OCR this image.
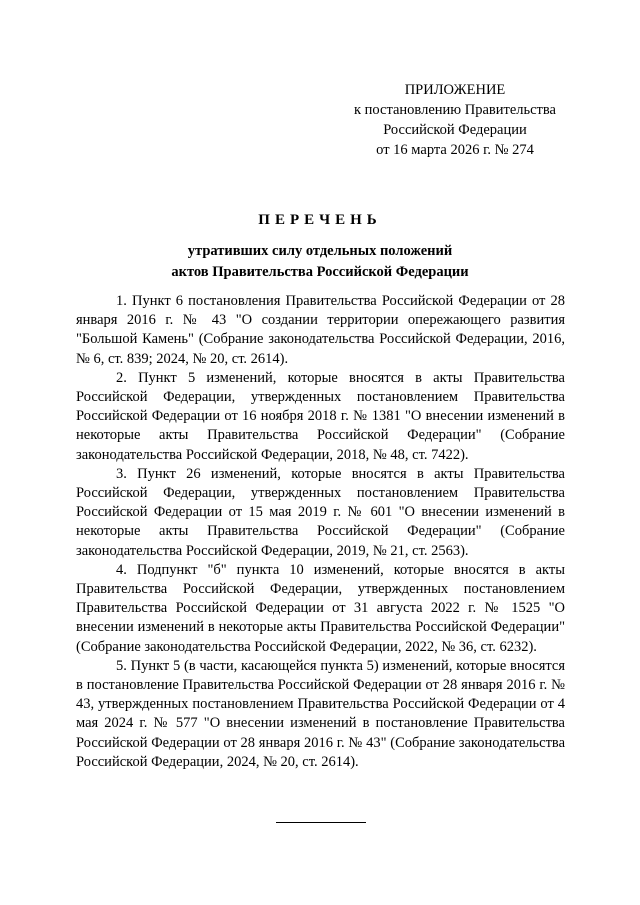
ПРИЛОЖЕНИЕ
к постановлению Правительства
Российской Федерации
от 16 марта 2026 г. № 274
ПЕРЕЧЕНЬ
утративших силу отдельных положений
актов Правительства Российской Федерации

1. Пункт 6 постановления Правительства Российской Федерации от 28 января 2016 г. № 43 "О создании территории опережающего развития "Большой Камень" (Собрание законодательства Российской Федерации, 2016, № 6, ст. 839; 2024, № 20, ст. 2614).

2. Пункт 5 изменений, которые вносятся в акты Правительства Российской Федерации, утвержденных постановлением Правительства Российской Федерации от 16 ноября 2018 г. № 1381 "О внесении изменений в некоторые акты Правительства Российской Федерации" (Собрание законодательства Российской Федерации, 2018, № 48, ст. 7422).

3. Пункт 26 изменений, которые вносятся в акты Правительства Российской Федерации, утвержденных постановлением Правительства Российской Федерации от 15 мая 2019 г. № 601 "О внесении изменений в некоторые акты Правительства Российской Федерации" (Собрание законодательства Российской Федерации, 2019, № 21, ст. 2563).

4. Подпункт "б" пункта 10 изменений, которые вносятся в акты Правительства Российской Федерации, утвержденных постановлением Правительства Российской Федерации от 31 августа 2022 г. № 1525 "О внесении изменений в некоторые акты Правительства Российской Федерации" (Собрание законодательства Российской Федерации, 2022, № 36, ст. 6232).

5. Пункт 5 (в части, касающейся пункта 5) изменений, которые вносятся в постановление Правительства Российской Федерации от 28 января 2016 г. № 43, утвержденных постановлением Правительства Российской Федерации от 4 мая 2024 г. № 577 "О внесении изменений в постановление Правительства Российской Федерации от 28 января 2016 г. № 43" (Собрание законодательства Российской Федерации, 2024, № 20, ст. 2614).
